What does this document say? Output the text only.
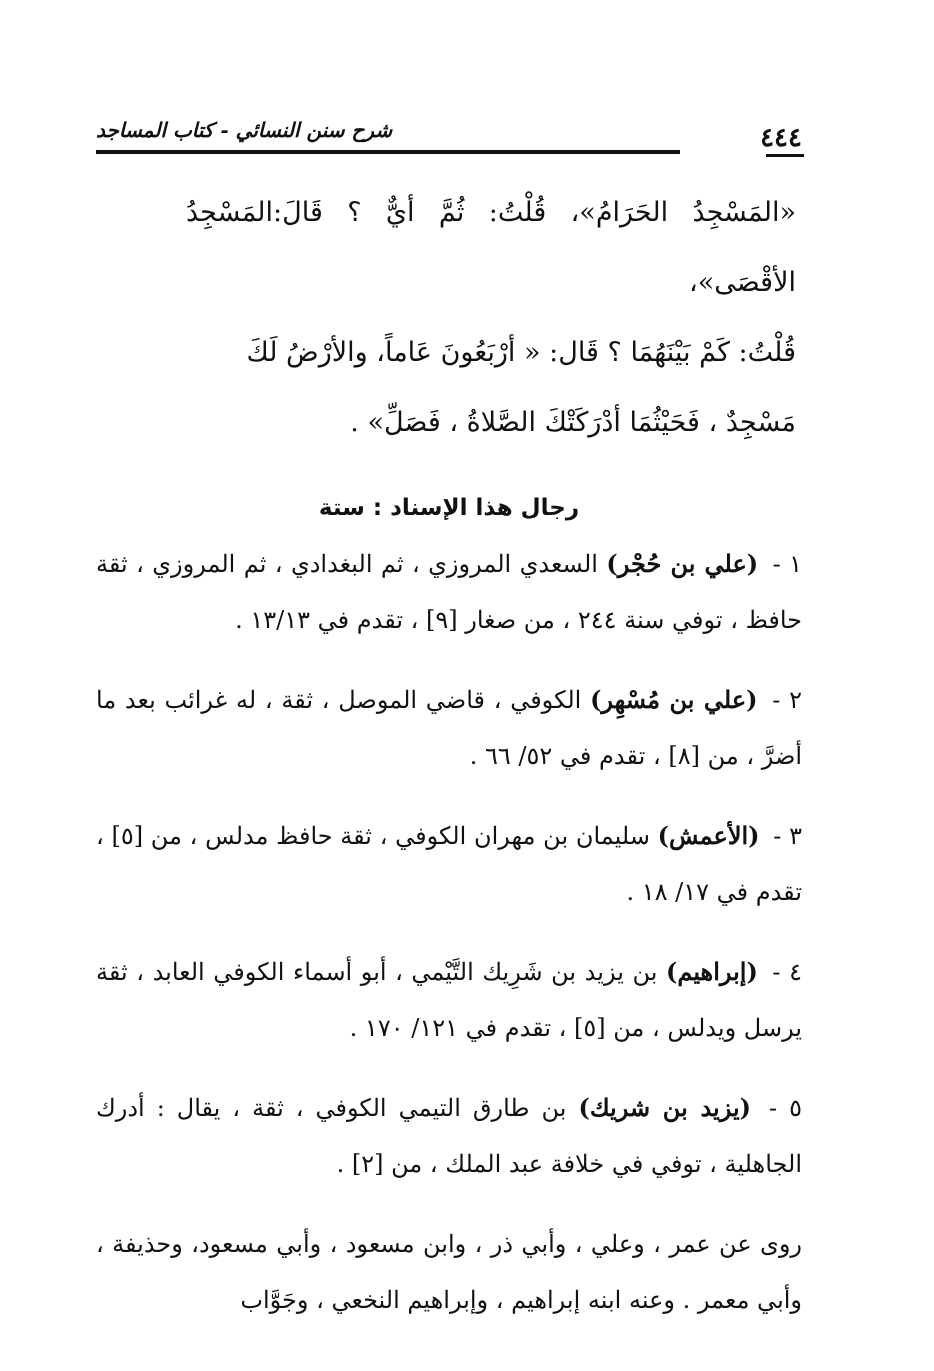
٤٤٤
شرح سنن النسائي - كتاب المساجد
«المَسْجِدُ الحَرَامُ»، قُلْتُ: ثُمَّ أيٌّ ؟ قَالَ:المَسْجِدُ الأقْصَى»،
قُلْتُ: كَمْ بَيْنَهُمَا ؟ قَال: « أرْبَعُونَ عَاماً، والأرْضُ لَكَ
مَسْجِدٌ ، فَحَيْثُمَا أدْرَكَتْكَ الصَّلاةُ ، فَصَلِّ» .
رجال هذا الإسناد : ستة

١ - (علي بن حُجْر) السعدي المروزي ، ثم البغدادي ، ثم المروزي ، ثقة حافظ ، توفي سنة ٢٤٤ ، من صغار [٩] ، تقدم في ١٣/١٣ .

٢ - (علي بن مُسْهِر) الكوفي ، قاضي الموصل ، ثقة ، له غرائب بعد ما أضرَّ ، من [٨] ، تقدم في ٥٢/ ٦٦ .

٣ - (الأعمش) سليمان بن مهران الكوفي ، ثقة حافظ مدلس ، من [٥] ، تقدم في ١٧/ ١٨ .

٤ - (إبراهيم) بن يزيد بن شَرِيك التَّيْمي ، أبو أسماء الكوفي العابد ، ثقة يرسل ويدلس ، من [٥] ، تقدم في ١٢١/ ١٧٠ .

٥ - (يزيد بن شريك) بن طارق التيمي الكوفي ، ثقة ، يقال : أدرك الجاهلية ، توفي في خلافة عبد الملك ، من [٢] .

روى عن عمر ، وعلي ، وأبي ذر ، وابن مسعود ، وأبي مسعود، وحذيفة ، وأبي معمر . وعنه ابنه إبراهيم ، وإبراهيم النخعي ، وجَوَّاب
